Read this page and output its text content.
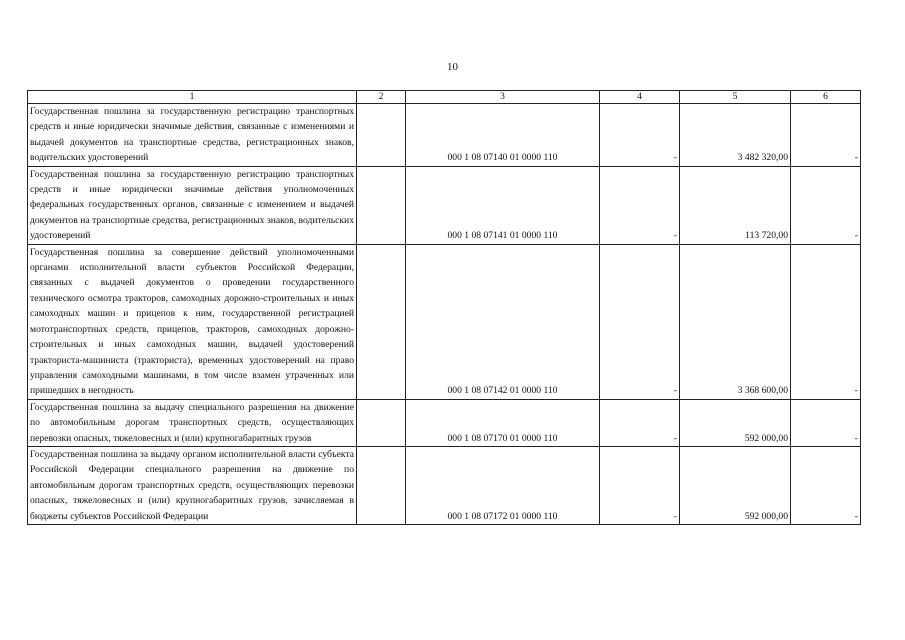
10
1	2	3	4	5	6
Государственная пошлина за государственную регистрацию транспортных средств и иные юридически значимые действия, связанные с изменениями и выдачей документов на транспортные средства, регистрационных знаков, водительских удостоверений		000 1 08 07140 01 0000 110	-	3 482 320,00	-
Государственная пошлина за государственную регистрацию транспортных средств и иные юридически значимые действия уполномоченных федеральных государственных органов, связанные с изменением и выдачей документов на транспортные средства, регистрационных знаков, водительских удостоверений		000 1 08 07141 01 0000 110	-	113 720,00	-
Государственная пошлина за совершение действий уполномоченными органами исполнительной власти субъектов Российской Федерации, связанных с выдачей документов о проведении государственного технического осмотра тракторов, самоходных дорожно-строительных и иных самоходных машин и прицепов к ним, государственной регистрацией мототранспортных средств, прицепов, тракторов, самоходных дорожно-строительных и иных самоходных машин, выдачей удостоверений тракториста-машиниста (тракториста), временных удостоверений на право управления самоходными машинами, в том числе взамен утраченных или пришедших в негодность		000 1 08 07142 01 0000 110	-	3 368 600,00	-
Государственная пошлина за выдачу специального разрешения на движение по автомобильным дорогам транспортных средств, осуществляющих перевозки опасных, тяжеловесных и (или) крупногабаритных грузов		000 1 08 07170 01 0000 110	-	592 000,00	-
Государственная пошлина за выдачу органом исполнительной власти субъекта Российской Федерации специального разрешения на движение по автомобильным дорогам транспортных средств, осуществляющих перевозки опасных, тяжеловесных и (или) крупногабаритных грузов, зачисляемая в бюджеты субъектов Российской Федерации		000 1 08 07172 01 0000 110	-	592 000,00	-
